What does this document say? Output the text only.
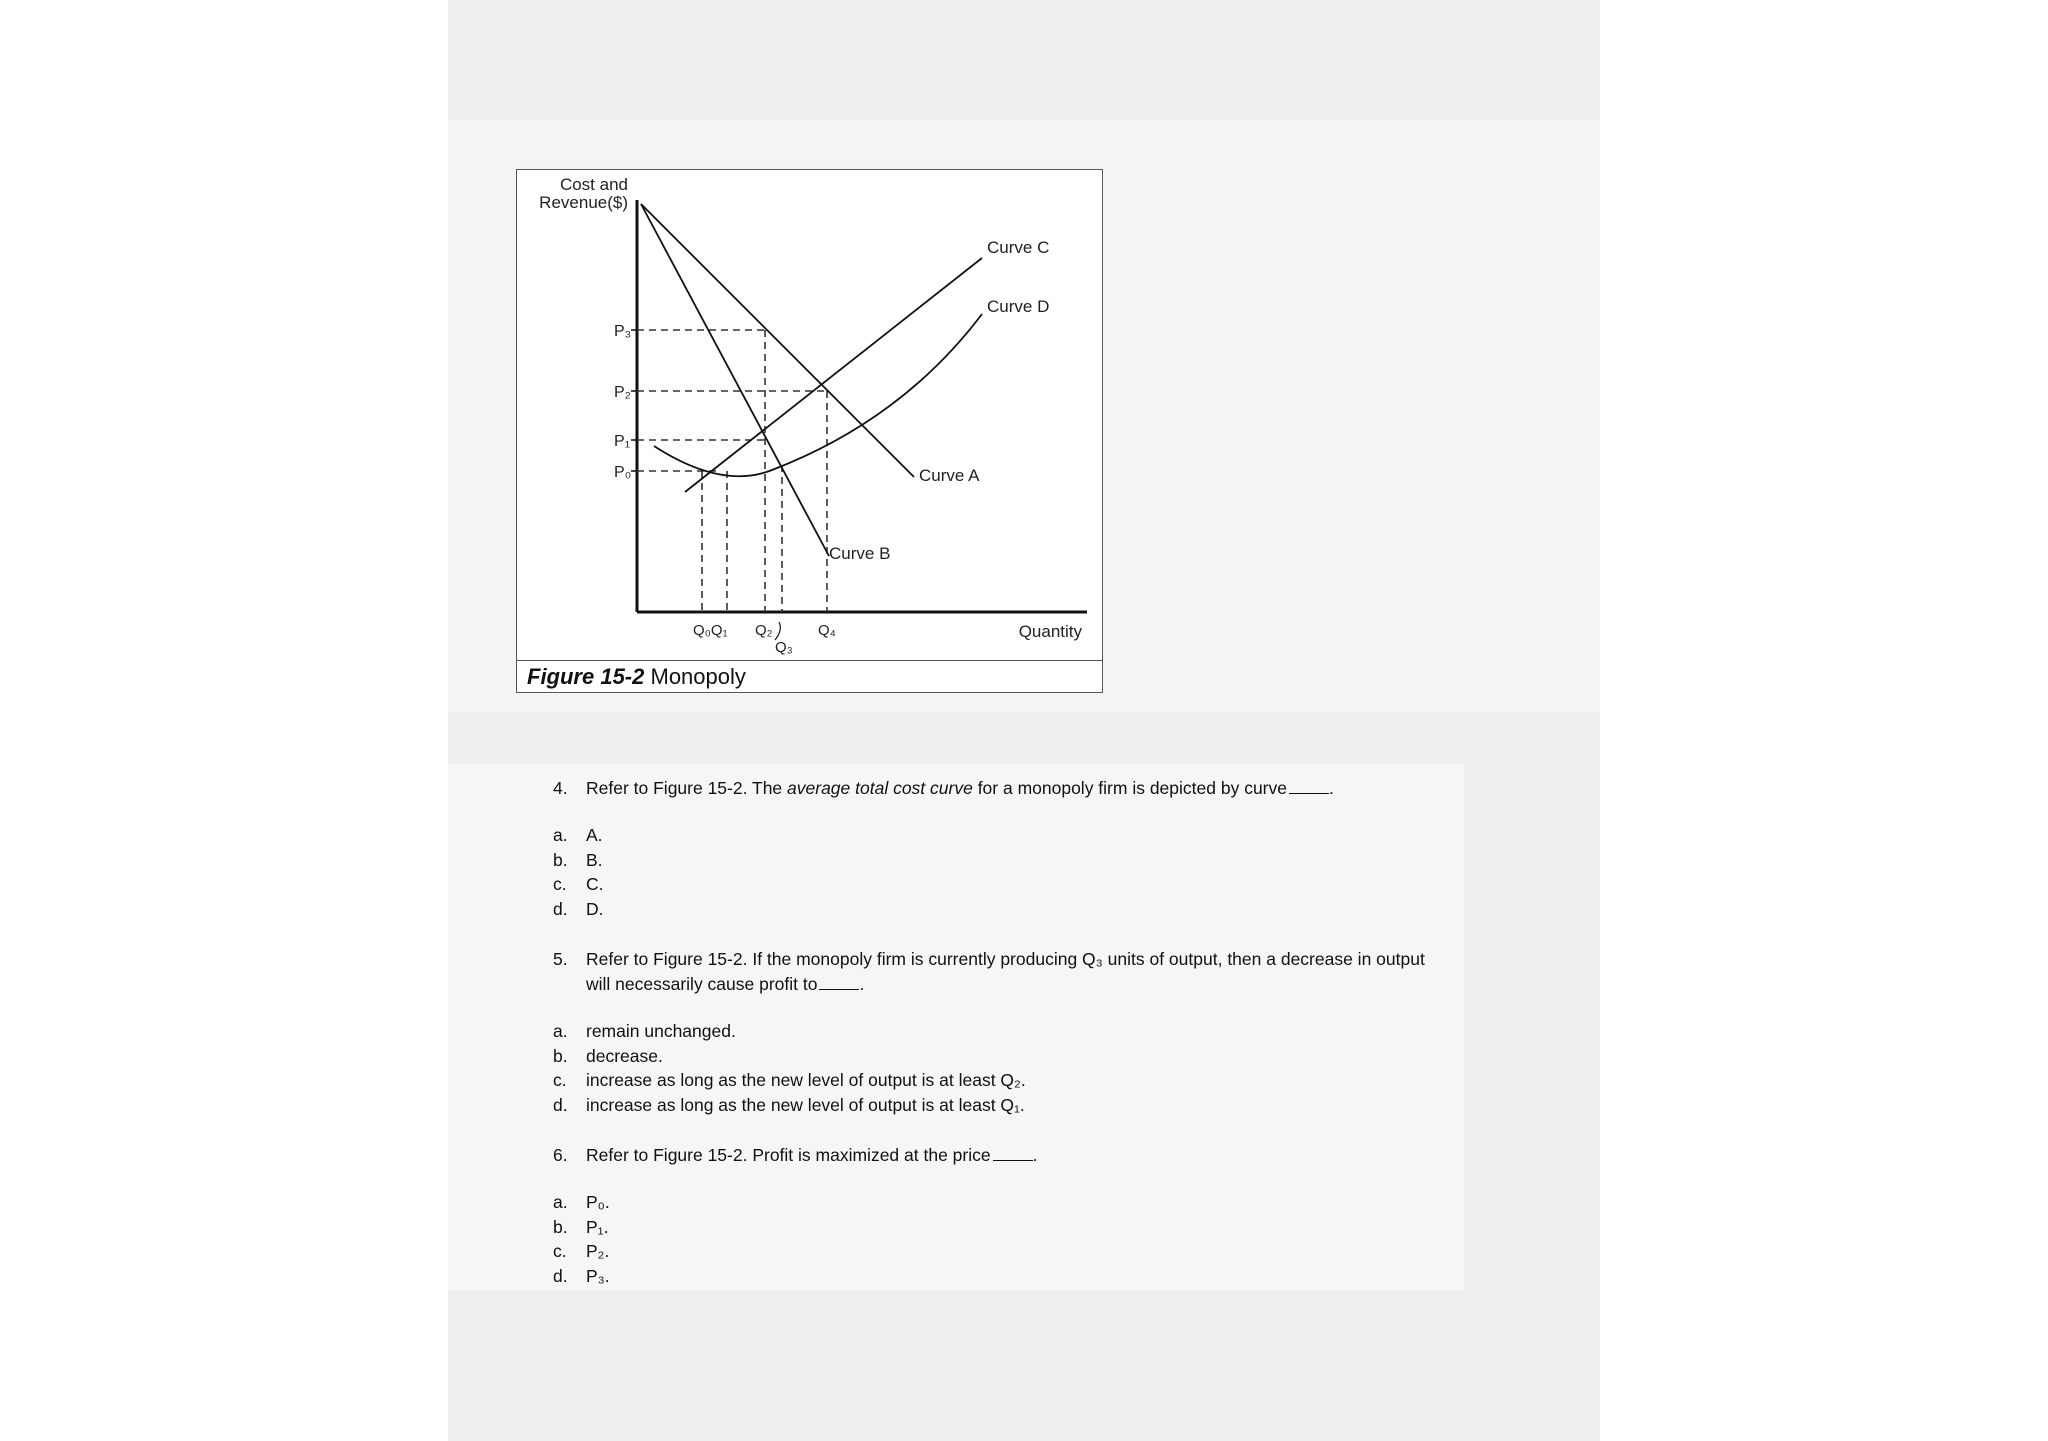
Cost and
Revenue($)
Quantity
P₃
P₂
P₁
P₀
Curve C
Curve D
Curve A
Curve B
Q₀Q₁ Q₂
Q₃
Q₄
Figure 15-2 Monopoly
4. Refer to Figure 15-2. The average total cost curve for a monopoly firm is depicted by curve .
a. A.
b. B.
c. C.
d. D.
5. Refer to Figure 15-2. If the monopoly firm is currently producing Q₃ units of output, then a decrease in output will necessarily cause profit to .
a. remain unchanged.
b. decrease.
c. increase as long as the new level of output is at least Q₂.
d. increase as long as the new level of output is at least Q₁.
6. Refer to Figure 15-2. Profit is maximized at the price .
a. P₀.
b. P₁.
c. P₂.
d. P₃.
